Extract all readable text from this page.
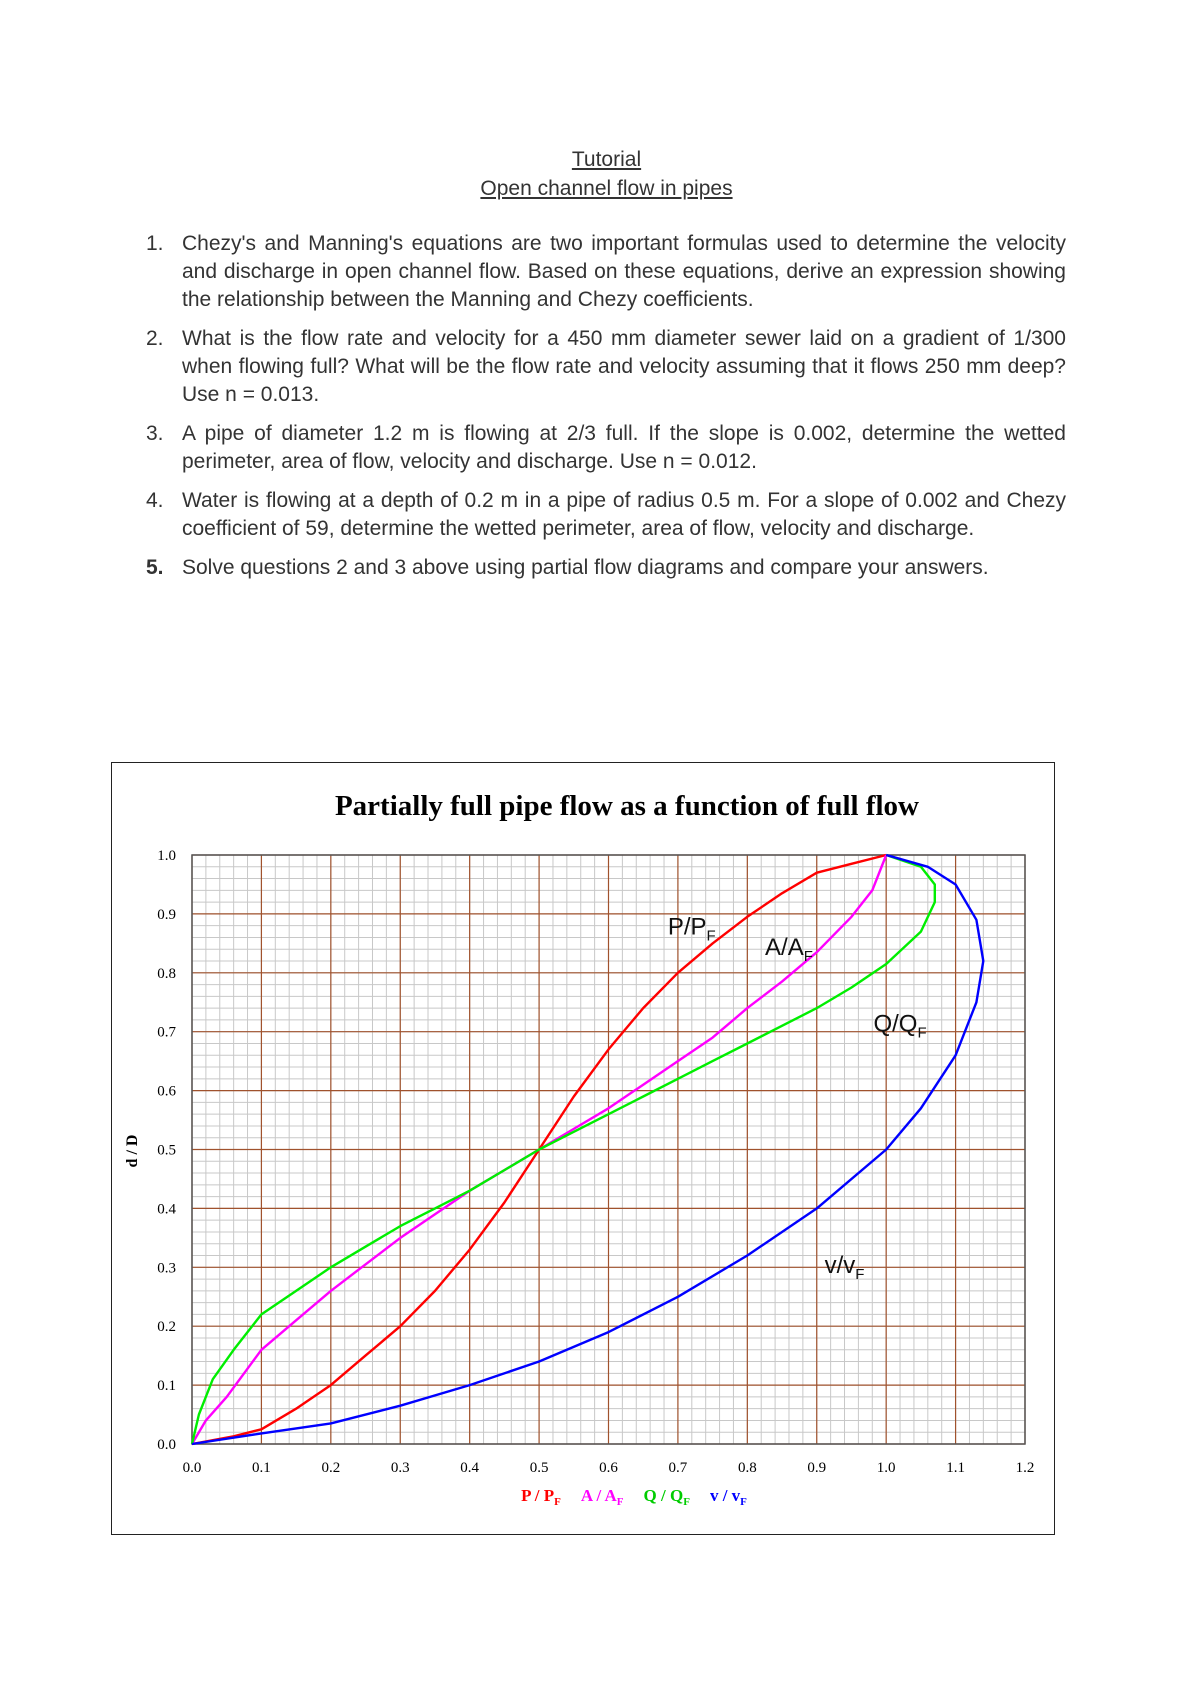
Tutorial
Open channel flow in pipes
1. Chezy's and Manning's equations are two important formulas used to determine the velocity and discharge in open channel flow. Based on these equations, derive an expression showing the relationship between the Manning and Chezy coefficients.
2. What is the flow rate and velocity for a 450 mm diameter sewer laid on a gradient of 1/300 when flowing full? What will be the flow rate and velocity assuming that it flows 250 mm deep? Use n = 0.013.
3. A pipe of diameter 1.2 m is flowing at 2/3 full. If the slope is 0.002, determine the wetted perimeter, area of flow, velocity and discharge. Use n = 0.012.
4. Water is flowing at a depth of 0.2 m in a pipe of radius 0.5 m. For a slope of 0.002 and Chezy coefficient of 59, determine the wetted perimeter, area of flow, velocity and discharge.
5. Solve questions 2 and 3 above using partial flow diagrams and compare your answers.
0.0
0.1
0.2
0.3
0.4
0.5
0.6
0.7
0.8
0.9
1.0
0.0	0.1	0.2	0.3	0.4	0.5	0.6	0.7	0.8	0.9	1.0	1.1	1.2
$P/P_F$ $A/A_F$
$Q/Q_F$
$v/v_F$
Partially full pipe flow as a function of full flow
d / D
P / $P_F$ A / $A_F$ Q / $Q_F$ v / $v_F$
